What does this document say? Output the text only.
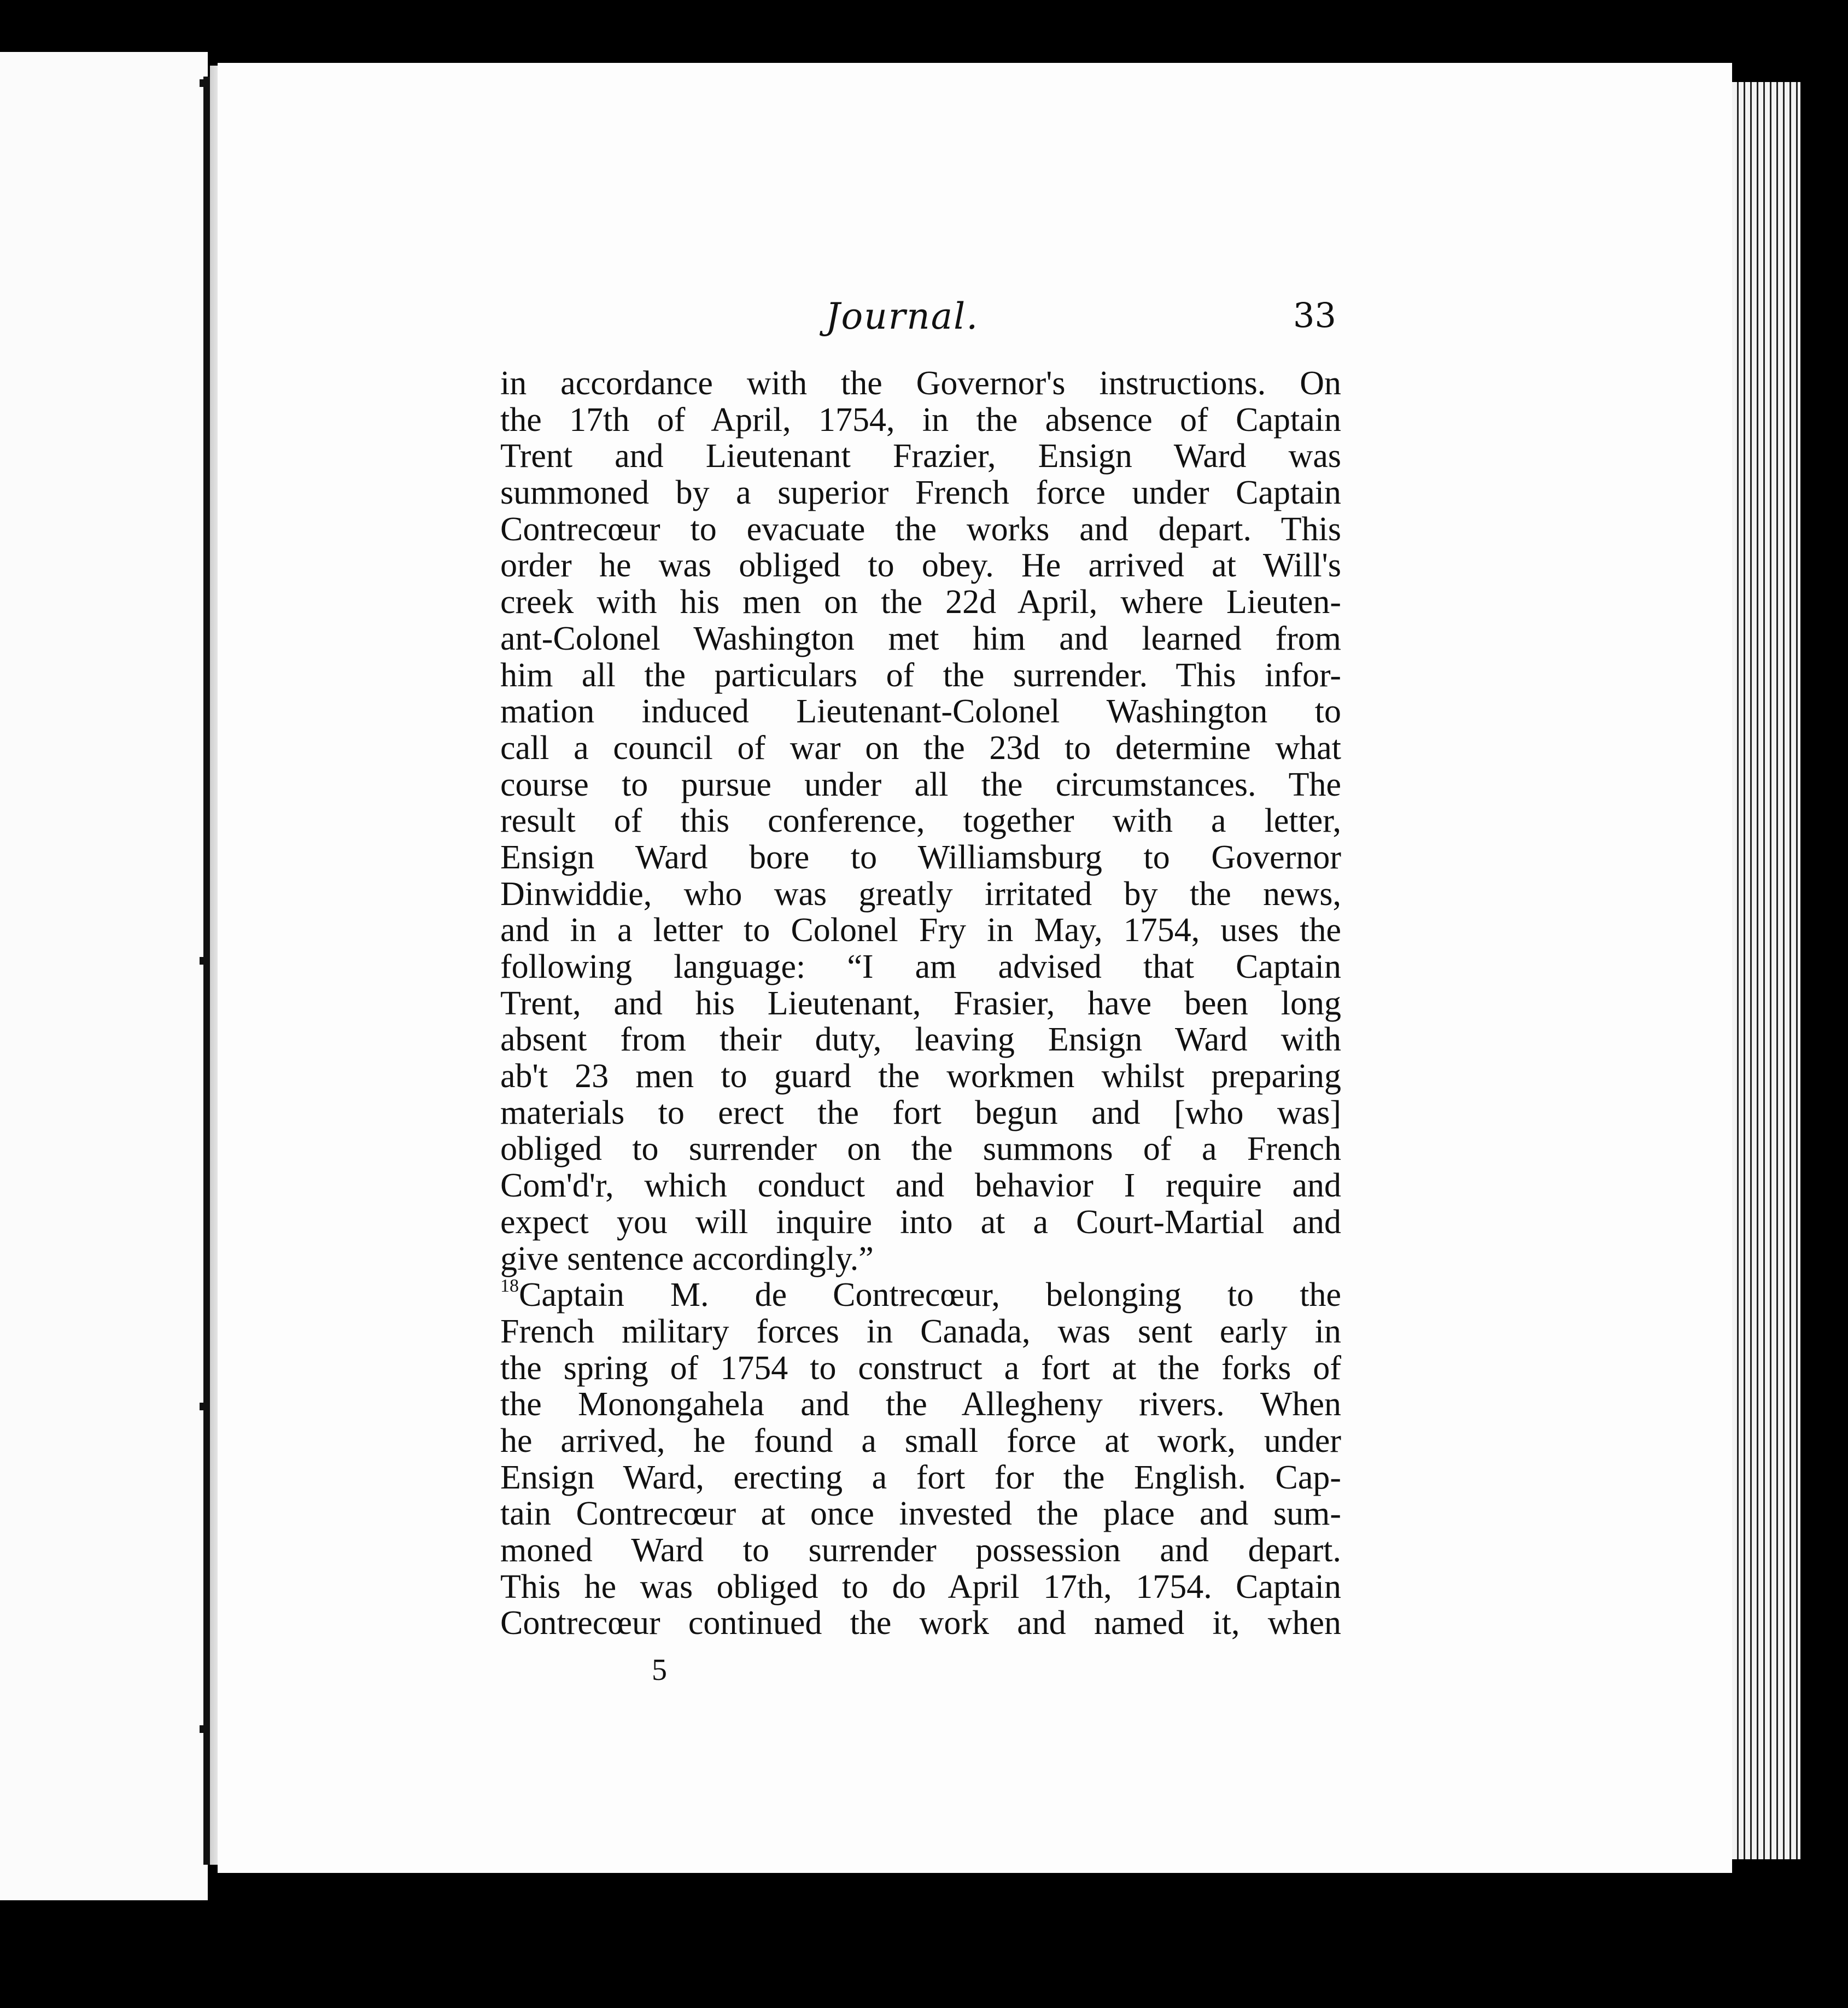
Journal.	33
in accordance with the Governor's instructions. On
the 17th of April, 1754, in the absence of Captain
Trent and Lieutenant Frazier, Ensign Ward was
summoned by a superior French force under Captain
Contrecœur to evacuate the works and depart. This
order he was obliged to obey. He arrived at Will's
creek with his men on the 22d April, where Lieuten-
ant-Colonel Washington met him and learned from
him all the particulars of the surrender. This infor-
mation induced Lieutenant-Colonel Washington to
call a council of war on the 23d to determine what
course to pursue under all the circumstances. The
result of this conference, together with a letter,
Ensign Ward bore to Williamsburg to Governor
Dinwiddie, who was greatly irritated by the news,
and in a letter to Colonel Fry in May, 1754, uses the
following language: “I am advised that Captain
Trent, and his Lieutenant, Frasier, have been long
absent from their duty, leaving Ensign Ward with
ab't 23 men to guard the workmen whilst preparing
materials to erect the fort begun and [who was]
obliged to surrender on the summons of a French
Com'd'r, which conduct and behavior I require and
expect you will inquire into at a Court-Martial and
give sentence accordingly.”
$^{18}$Captain M. de Contrecœur, belonging to the
French military forces in Canada, was sent early in
the spring of 1754 to construct a fort at the forks of
the Monongahela and the Allegheny rivers. When
he arrived, he found a small force at work, under
Ensign Ward, erecting a fort for the English. Cap-
tain Contrecœur at once invested the place and sum-
moned Ward to surrender possession and depart.
This he was obliged to do April 17th, 1754. Captain
Contrecœur continued the work and named it, when
5
